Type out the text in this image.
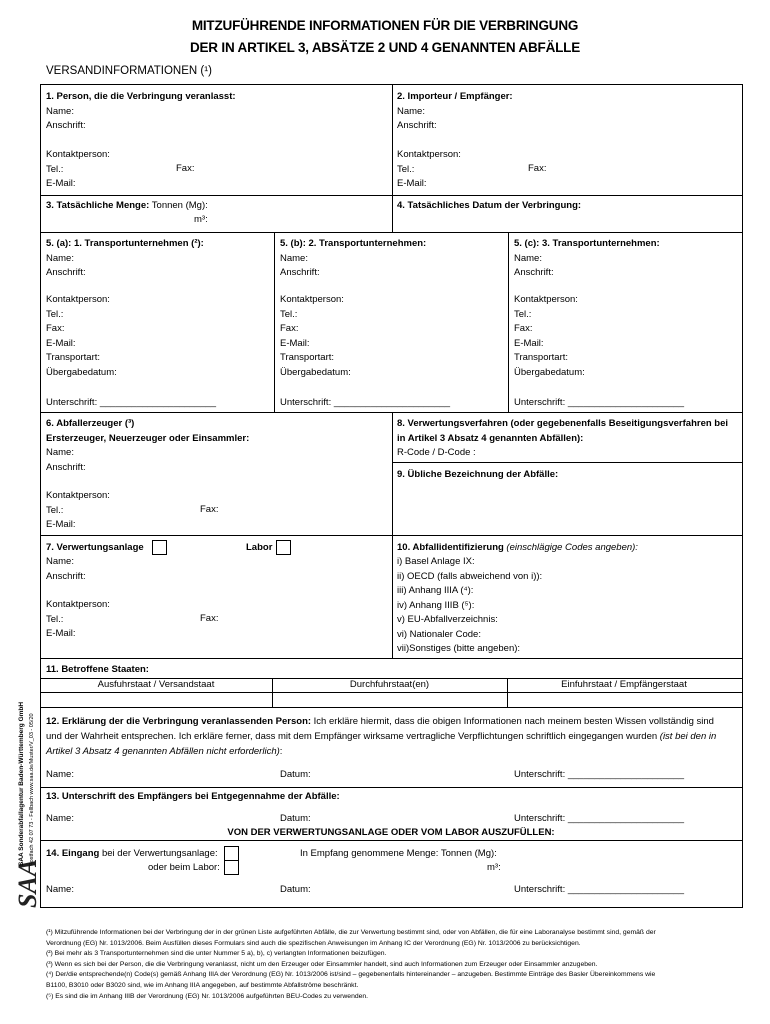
MITZUFÜHRENDE INFORMATIONEN FÜR DIE VERBRINGUNG
DER IN ARTIKEL 3, ABSÄTZE 2 UND 4 GENANNTEN ABFÄLLE
VERSANDINFORMATIONEN (¹)
1. Person, die die Verbringung veranlasst:
Name:
Anschrift:
Kontaktperson:
Tel.:
E-Mail:
Fax:
2. Importeur / Empfänger:
Name:
Anschrift:
Kontaktperson:
Tel.:
E-Mail:
Fax:
3. Tatsächliche Menge: Tonnen (Mg):
m³:
4. Tatsächliches Datum der Verbringung:
5. (a): 1. Transportunternehmen (²):
Name:
Anschrift:
Kontaktperson:
Tel.:
Fax:
E-Mail:
Transportart:
Übergabedatum:
Unterschrift: ______________________
5. (b): 2. Transportunternehmen:
Name:
Anschrift:
Kontaktperson:
Tel.:
Fax:
E-Mail:
Transportart:
Übergabedatum:
Unterschrift: ______________________
5. (c): 3. Transportunternehmen:
Name:
Anschrift:
Kontaktperson:
Tel.:
Fax:
E-Mail:
Transportart:
Übergabedatum:
Unterschrift: ______________________
6. Abfallerzeuger (³)
Ersterzeuger, Neuerzeuger oder Einsammler:
Name:
Anschrift:
Kontaktperson:
Tel.:
E-Mail:
Fax:
8. Verwertungsverfahren (oder gegebenenfalls Beseitigungsverfahren bei
in Artikel 3 Absatz 4 genannten Abfällen):
R-Code / D-Code :
9. Übliche Bezeichnung der Abfälle:
7. Verwertungsanlage	Labor
Name:
Anschrift:
Kontaktperson:
Tel.:
E-Mail:
Fax:
10. Abfallidentifizierung (einschlägige Codes angeben):
i) Basel Anlage IX:
ii) OECD (falls abweichend von i)):
iii) Anhang IIIA (⁴):
iv) Anhang IIIB (⁵):
v) EU-Abfallverzeichnis:
vi) Nationaler Code:
vii)Sonstiges (bitte angeben):
11. Betroffene Staaten:
Ausfuhrstaat / Versandstaat	Durchfuhrstaat(en)	Einfuhrstaat / Empfängerstaat
12. Erklärung der die Verbringung veranlassenden Person: Ich erkläre hiermit, dass die obigen Informationen nach meinem besten Wissen vollständig sind
und der Wahrheit entsprechen. Ich erkläre ferner, dass mit dem Empfänger wirksame vertragliche Verpflichtungen schriftlich eingegangen wurden (ist bei den in
Artikel 3 Absatz 4 genannten Abfällen nicht erforderlich):
Name:	Datum:	Unterschrift: ______________________
13. Unterschrift des Empfängers bei Entgegennahme der Abfälle:
Name:	Datum:	Unterschrift: ______________________
VON DER VERWERTUNGSANLAGE ODER VOM LABOR AUSZUFÜLLEN:
14. Eingang bei der Verwertungsanlage:
oder beim Labor:
In Empfang genommene Menge: Tonnen (Mg):
m³:
Name:	Datum:	Unterschrift: ______________________
SAA
SAA Sonderabfallagentur Baden-Württemberg GmbH Postfach 42 07 73 - Fellbach www.saa.de/Muster/V_03 - 05/20
(¹) Mitzuführende Informationen bei der Verbringung der in der grünen Liste aufgeführten Abfälle, die zur Verwertung bestimmt sind, oder von Abfällen, die für eine Laboranalyse bestimmt sind, gemäß der
Verordnung (EG) Nr. 1013/2006. Beim Ausfüllen dieses Formulars sind auch die spezifischen Anweisungen im Anhang IC der Verordnung (EG) Nr. 1013/2006 zu berücksichtigen.
(²) Bei mehr als 3 Transportunternehmen sind die unter Nummer 5 a), b), c) verlangten Informationen beizufügen.
(³) Wenn es sich bei der Person, die die Verbringung veranlasst, nicht um den Erzeuger oder Einsammler handelt, sind auch Informationen zum Erzeuger oder Einsammler anzugeben.
(⁴) Der/die entsprechende(n) Code(s) gemäß Anhang IIIA der Verordnung (EG) Nr. 1013/2006 ist/sind – gegebenenfalls hintereinander – anzugeben. Bestimmte Einträge des Basler Übereinkommens wie
B1100, B3010 oder B3020 sind, wie im Anhang IIIA angegeben, auf bestimmte Abfallströme beschränkt.
(⁵) Es sind die im Anhang IIIB der Verordnung (EG) Nr. 1013/2006 aufgeführten BEU-Codes zu verwenden.
